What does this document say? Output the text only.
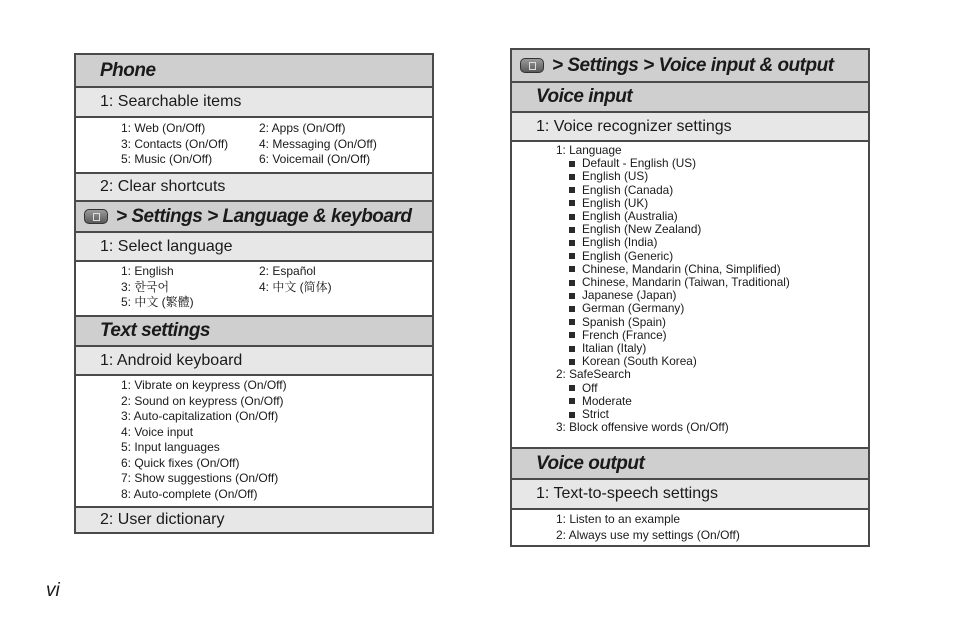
Phone
1: Searchable items
1: Web (On/Off)	2: Apps (On/Off)
3: Contacts (On/Off)	4: Messaging (On/Off)
5: Music (On/Off)	6: Voicemail (On/Off)
2: Clear shortcuts
> Settings > Language & keyboard
1: Select language
1: English	2: Español
3: 한국어	4: 中文 (简体)
5: 中文 (繁體)
Text settings
1: Android keyboard
1: Vibrate on keypress (On/Off)
2: Sound on keypress (On/Off)
3: Auto-capitalization (On/Off)
4: Voice input
5: Input languages
6: Quick fixes (On/Off)
7: Show suggestions (On/Off)
8: Auto-complete (On/Off)
2: User dictionary
> Settings > Voice input & output
Voice input
1: Voice recognizer settings
1: Language
Default - English (US)
English (US)
English (Canada)
English (UK)
English (Australia)
English (New Zealand)
English (India)
English (Generic)
Chinese, Mandarin (China, Simplified)
Chinese, Mandarin (Taiwan, Traditional)
Japanese (Japan)
German (Germany)
Spanish (Spain)
French (France)
Italian (Italy)
Korean (South Korea)
2: SafeSearch
Off
Moderate
Strict
3: Block offensive words (On/Off)
Voice output
1: Text-to-speech settings
1: Listen to an example
2: Always use my settings (On/Off)
vi
